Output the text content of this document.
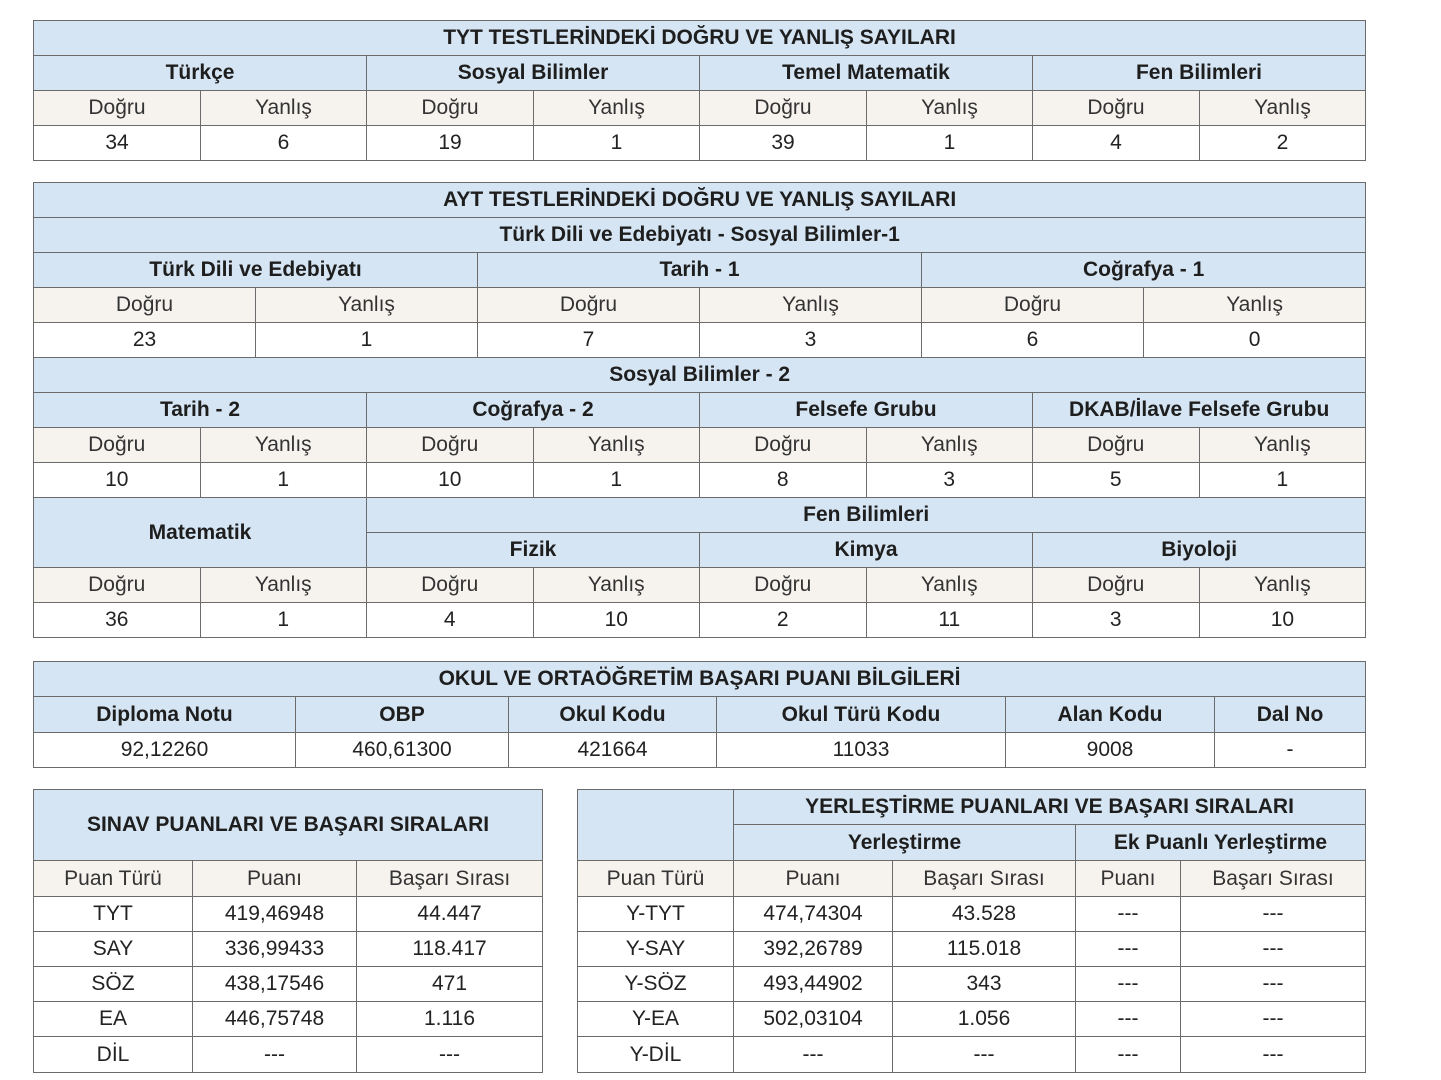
TYT TESTLERİNDEKİ DOĞRU VE YANLIŞ SAYILARI							
Türkçe		Sosyal Bilimler		Temel Matematik		Fen Bilimleri	
Doğru	Yanlış	Doğru	Yanlış	Doğru	Yanlış	Doğru	Yanlış
34	6	19	1	39	1	4	2
AYT TESTLERİNDEKİ DOĞRU VE YANLIŞ SAYILARI											
Türk Dili ve Edebiyatı - Sosyal Bilimler-1											
Türk Dili ve Edebiyatı				Tarih - 1				Coğrafya - 1			
Doğru		Yanlış		Doğru		Yanlış		Doğru		Yanlış	
23		1		7		3		6		0	
Sosyal Bilimler - 2											
Tarih - 2			Coğrafya - 2			Felsefe Grubu			DKAB/İlave Felsefe Grubu		
Doğru	Yanlış		Doğru		Yanlış	Doğru	Yanlış		Doğru		Yanlış
10	1		10		1	8	3		5		1
Matematik			Fen Bilimleri								
			Fizik			Kimya			Biyoloji		
Doğru	Yanlış		Doğru		Yanlış	Doğru	Yanlış		Doğru		Yanlış
36	1		4		10	2	11		3		10
OKUL VE ORTAÖĞRETİM BAŞARI PUANI BİLGİLERİ					
Diploma Notu	OBP	Okul Kodu	Okul Türü Kodu	Alan Kodu	Dal No
92,12260	460,61300	421664	11033	9008	-
SINAV PUANLARI VE BAŞARI SIRALARI		
Puan Türü	Puanı	Başarı Sırası
TYT	419,46948	44.447
SAY	336,99433	118.417
SÖZ	438,17546	471
EA	446,75748	1.116
DİL	---	---
	YERLEŞTİRME PUANLARI VE BAŞARI SIRALARI			
	Yerleştirme		Ek Puanlı Yerleştirme	
Puan Türü	Puanı	Başarı Sırası	Puanı	Başarı Sırası
Y-TYT	474,74304	43.528	---	---
Y-SAY	392,26789	115.018	---	---
Y-SÖZ	493,44902	343	---	---
Y-EA	502,03104	1.056	---	---
Y-DİL	---	---	---	---
